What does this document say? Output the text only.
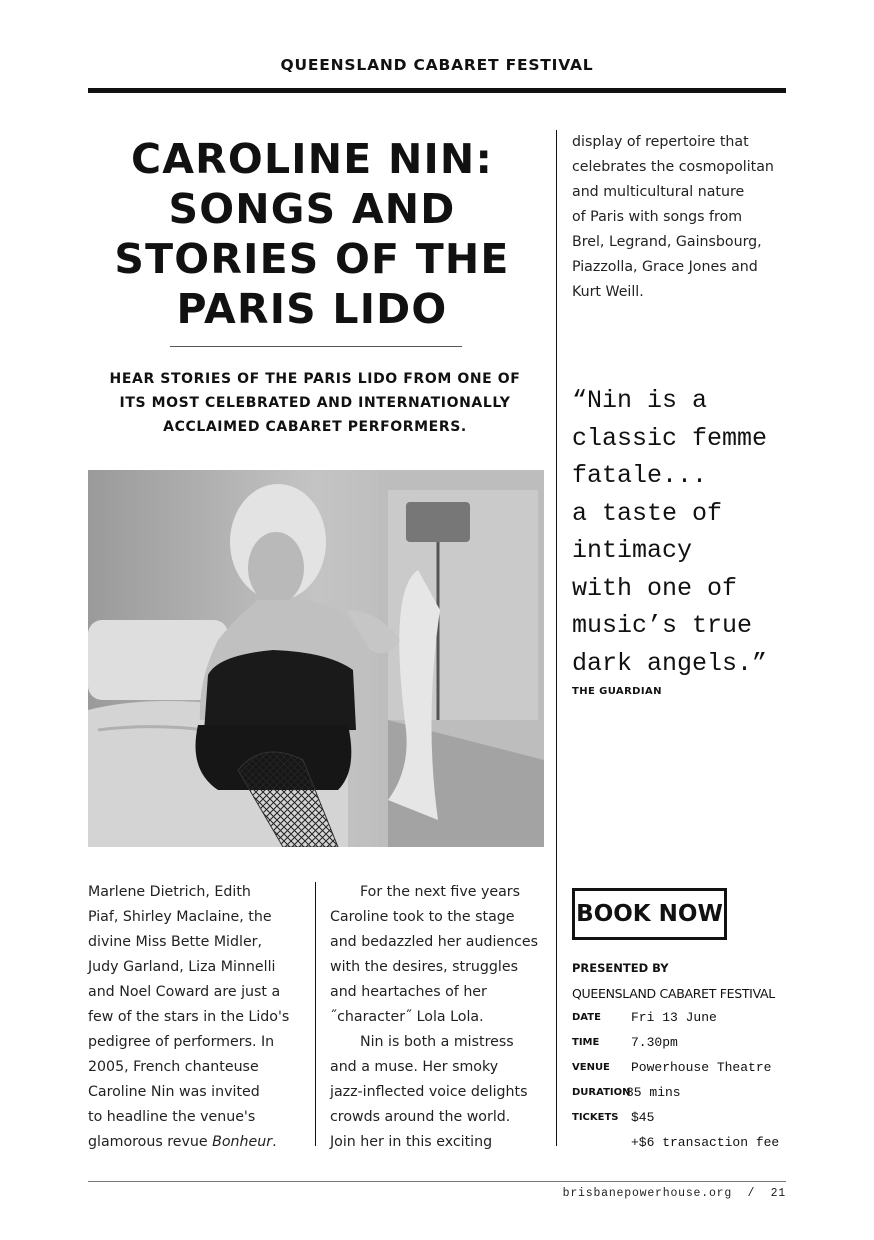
QUEENSLAND CABARET FESTIVAL
CAROLINE NIN:
SONGS AND
STORIES OF THE
PARIS LIDO
HEAR STORIES OF THE PARIS LIDO FROM ONE OF
ITS MOST CELEBRATED AND INTERNATIONALLY
ACCLAIMED CABARET PERFORMERS.

Marlene Dietrich, Edith

Piaf, Shirley Maclaine, the

divine Miss Bette Midler,

Judy Garland, Liza Minnelli

and Noel Coward are just a

few of the stars in the Lido's

pedigree of performers. In

2005, French chanteuse

Caroline Nin was invited

to headline the venue's

glamorous revue Bonheur.

For the next five years

Caroline took to the stage

and bedazzled her audiences

with the desires, struggles

and heartaches of her

˝character˝ Lola Lola.

Nin is both a mistress

and a muse. Her smoky

jazz-inflected voice delights

crowds around the world.

Join her in this exciting

display of repertoire that
celebrates the cosmopolitan
and multicultural nature
of Paris with songs from
Brel, Legrand, Gainsbourg,
Piazzolla, Grace Jones and
Kurt Weill.
“Nin is a
classic femme
fatale...
a taste of
intimacy
with one of
music’s true
dark angels.”
THE GUARDIAN
BOOK NOW
PRESENTED BY
QUEENSLAND CABARET FESTIVAL
DATE Fri 13 June
TIME 7.30pm
VENUE Powerhouse Theatre
DURATION
85 mins
TICKETS $45
+$6 transaction fee
brisbanepowerhouse.org / 21
